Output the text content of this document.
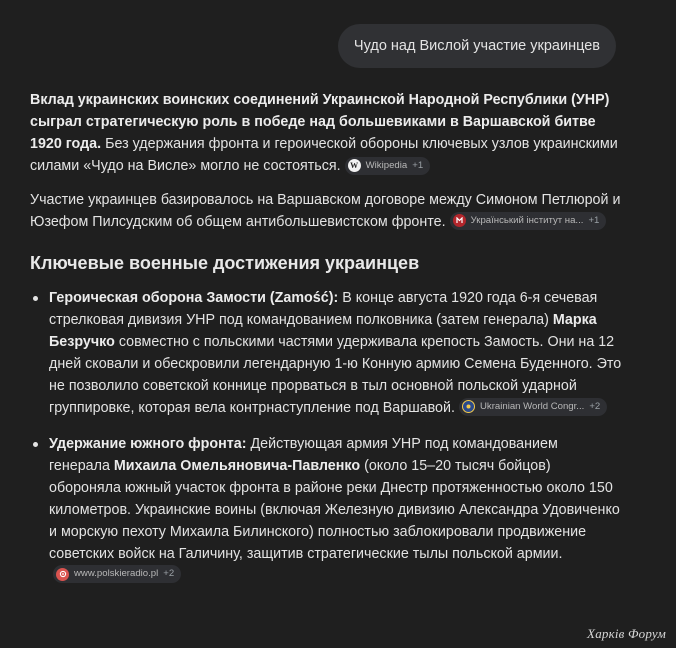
Чудо над Вислой участие украинцев

Вклад украинских воинских соединений Украинской Народной Республики (УНР) сыграл стратегическую роль в победе над большевиками в Варшавской битве 1920 года. Без удержания фронта и героической обороны ключевых узлов украинскими силами «Чудо на Висле» могло не состояться.	W Wikipedia +1

Участие украинцев базировалось на Варшавском договоре между Симоном Петлюрой и Юзефом Пилсудским об общем антибольшевистском фронте.	Український інститут на... +1

Ключевые военные достижения украинцев
Героическая оборона Замости (Zamość): В конце августа 1920 года 6-я сечевая стрелковая дивизия УНР под командованием полковника (затем генерала) Марка Безручко совместно с польскими частями удерживала крепость Замость. Они на 12 дней сковали и обескровили легендарную 1-ю Конную армию Семена Буденного. Это не позволило советской коннице прорваться в тыл основной польской ударной группировке, которая вела контрнаступление под Варшавой.	Ukrainian World Congr... +2
Удержание южного фронта: Действующая армия УНР под командованием генерала Михаила Омельяновича-Павленко (около 15–20 тысяч бойцов) обороняла южный участок фронта в районе реки Днестр протяженностью около 150 километров. Украинские воины (включая Железную дивизию Александра Удовиченко и морскую пехоту Михаила Билинского) полностью заблокировали продвижение советских войск на Галичину, защитив стратегические тылы польской армии.
www.polskieradio.pl +2
Харків Форум
